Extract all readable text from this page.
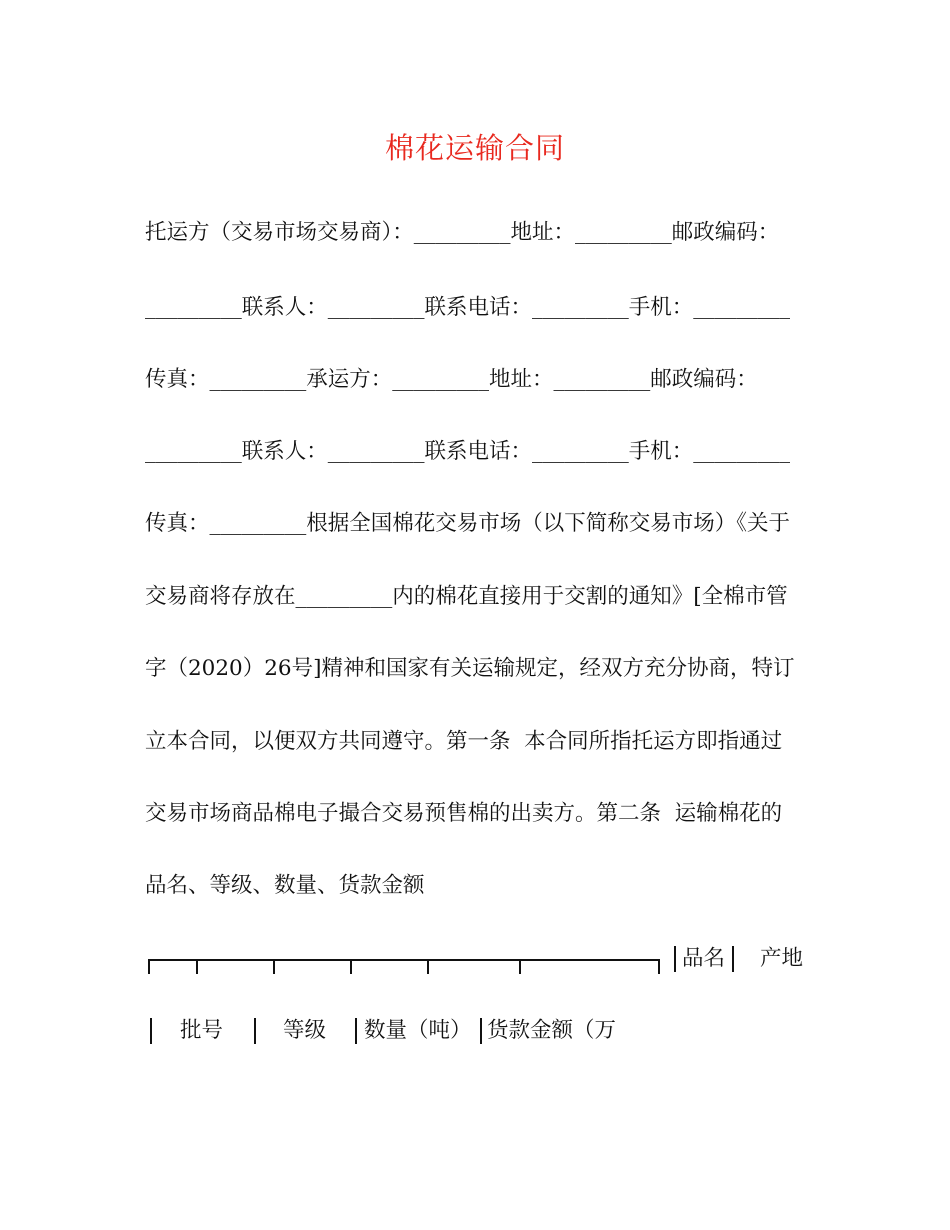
棉花运输合同
托运方（交易市场交易商）：_________地址：_________邮政编码：
_________联系人：_________联系电话：_________手机：_________
传真：_________承运方：_________地址：_________邮政编码：
_________联系人：_________联系电话：_________手机：_________
传真：_________根据全国棉花交易市场（以下简称交易市场）《关于
交易商将存放在_________内的棉花直接用于交割的通知》[全棉市管
字（2020）26号]精神和国家有关运输规定，经双方充分协商，特订
立本合同，以便双方共同遵守。第一条  本合同所指托运方即指通过
交易市场商品棉电子撮合交易预售棉的出卖方。第二条  运输棉花的
品名、等级、数量、货款金额
品名 产地
批号	等级 数量（吨） 货款金额（万
